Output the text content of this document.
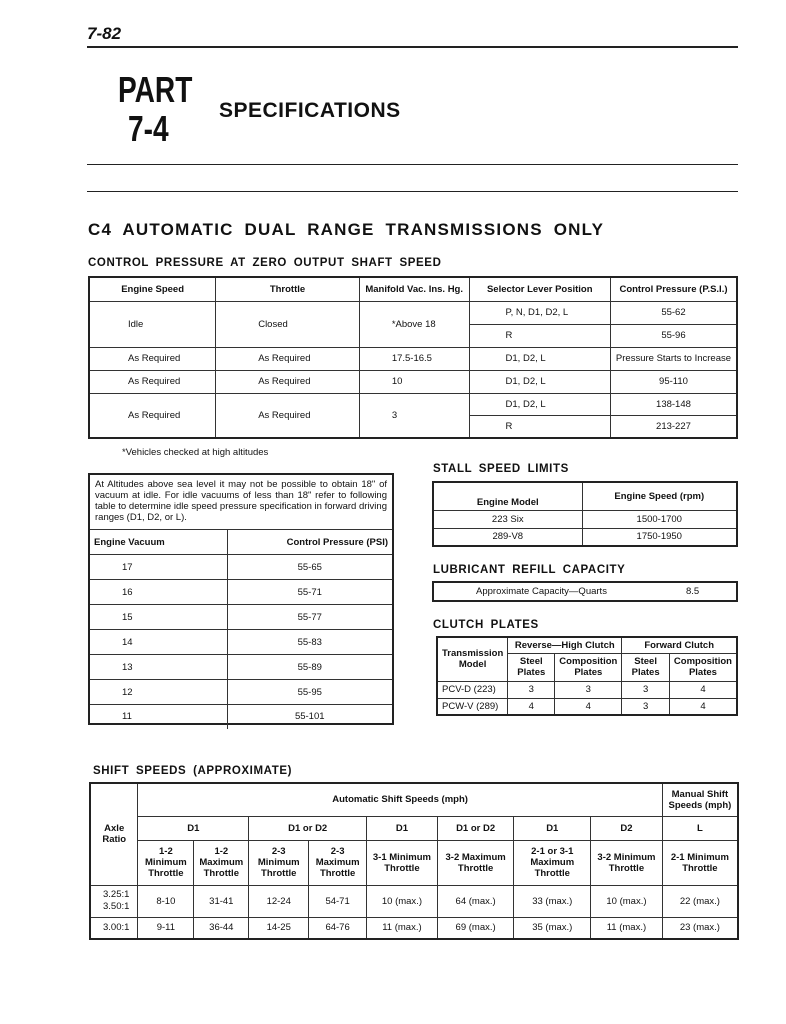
7-82
PART
7-4 SPECIFICATIONS
C4 AUTOMATIC DUAL RANGE TRANSMISSIONS ONLY
CONTROL PRESSURE AT ZERO OUTPUT SHAFT SPEED
Engine Speed	Throttle	Manifold Vac. Ins. Hg.	Selector Lever Position	Control Pressure (P.S.I.)
Idle	Closed	*Above 18	P, N, D1, D2, L	55-62
			R	55-96
As Required	As Required	17.5-16.5	D1, D2, L	Pressure Starts to Increase
As Required	As Required	10	D1, D2, L	95-110
As Required	As Required	3	D1, D2, L	138-148
			R	213-227
*Vehicles checked at high altitudes
At Altitudes above sea level it may not be possible to obtain 18" of vacuum at idle. For idle vacuums of less than 18" refer to following table to determine idle speed pressure specification in forward driving ranges (D1, D2, or L).
Engine Vacuum	Control Pressure (PSI)
17	55-65
16	55-71
15	55-77
14	55-83
13	55-89
12	55-95
11	55-101
STALL SPEED LIMITS
Engine Model	Engine Speed (rpm)
223 Six	1500-1700
289-V8	1750-1950
LUBRICANT REFILL CAPACITY
Approximate Capacity—Quarts	8.5
CLUTCH PLATES
Transmission Model	Reverse—High Clutch		Forward Clutch	
	Steel Plates	Composition Plates	Steel Plates	Composition Plates
PCV-D (223)	3	3	3	4
PCW-V (289)	4	4	3	4
SHIFT SPEEDS (APPROXIMATE)
Axle Ratio	Automatic Shift Speeds (mph)								Manual Shift Speeds (mph)
	D1		D1 or D2		D1	D1 or D2	D1	D2	L
	1-2 Minimum Throttle	1-2 Maximum Throttle	2-3 Minimum Throttle	2-3 Maximum Throttle	3-1 Minimum Throttle	3-2 Maximum Throttle	2-1 or 3-1 Maximum Throttle	3-2 Minimum Throttle	2-1 Minimum Throttle
3.25:1 3.50:1	8-10	31-41	12-24	54-71	10 (max.)	64 (max.)	33 (max.)	10 (max.)	22 (max.)
3.00:1	9-11	36-44	14-25	64-76	11 (max.)	69 (max.)	35 (max.)	11 (max.)	23 (max.)
